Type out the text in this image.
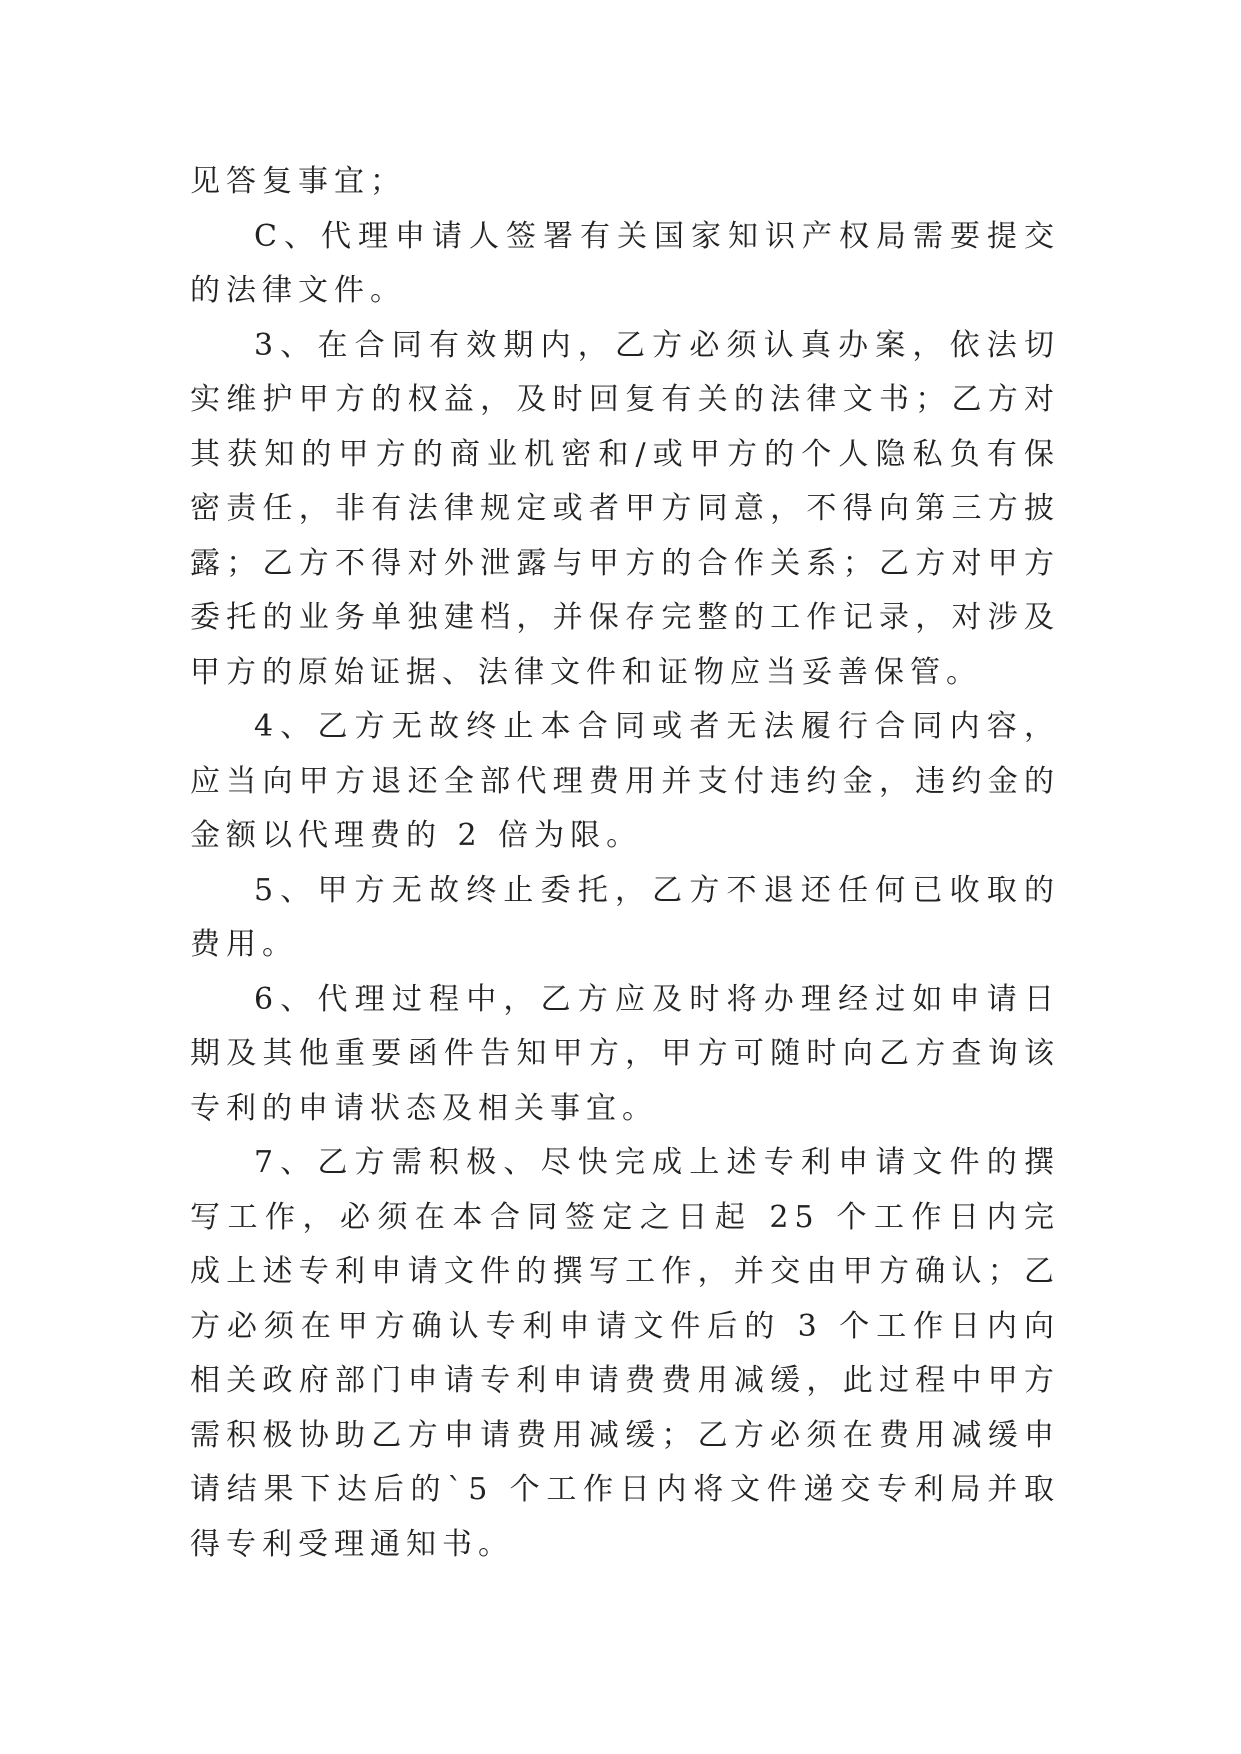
见答复事宜；

C、代理申请人签署有关国家知识产权局需要提交的法律文件。

3、在合同有效期内，乙方必须认真办案，依法切实维护甲方的权益，及时回复有关的法律文书；乙方对其获知的甲方的商业机密和/或甲方的个人隐私负有保密责任，非有法律规定或者甲方同意，不得向第三方披露；乙方不得对外泄露与甲方的合作关系；乙方对甲方委托的业务单独建档，并保存完整的工作记录，对涉及甲方的原始证据、法律文件和证物应当妥善保管。

4、乙方无故终止本合同或者无法履行合同内容，应当向甲方退还全部代理费用并支付违约金，违约金的金额以代理费的 2 倍为限。

5、甲方无故终止委托，乙方不退还任何已收取的费用。

6、代理过程中，乙方应及时将办理经过如申请日期及其他重要函件告知甲方，甲方可随时向乙方查询该专利的申请状态及相关事宜。

7、乙方需积极、尽快完成上述专利申请文件的撰写工作，必须在本合同签定之日起 25 个工作日内完成上述专利申请文件的撰写工作，并交由甲方确认；乙方必须在甲方确认专利申请文件后的 3 个工作日内向相关政府部门申请专利申请费费用减缓，此过程中甲方需积极协助乙方申请费用减缓；乙方必须在费用减缓申请结果下达后的`5 个工作日内将文件递交专利局并取得专利受理通知书。
